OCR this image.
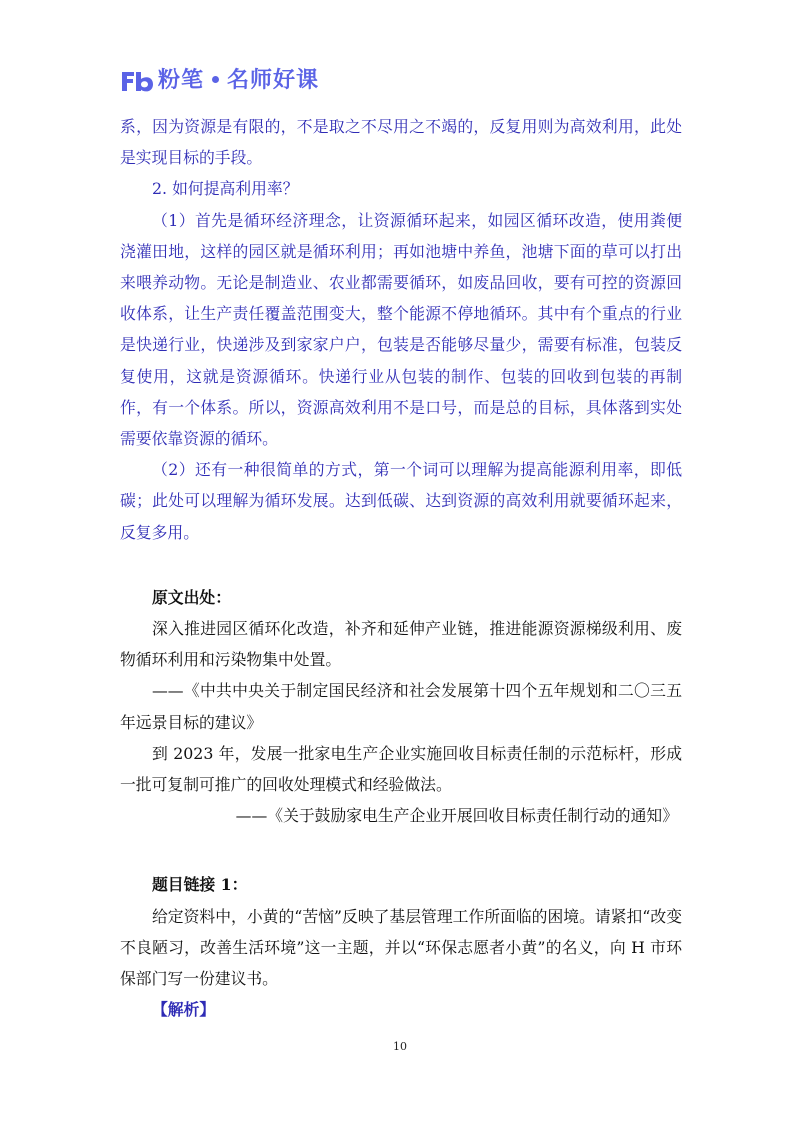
粉笔 名师好课

系，因为资源是有限的，不是取之不尽用之不竭的，反复用则为高效利用，此处是实现目标的手段。

2. 如何提高利用率？

（1）首先是循环经济理念，让资源循环起来，如园区循环改造，使用粪便浇灌田地，这样的园区就是循环利用；再如池塘中养鱼，池塘下面的草可以打出来喂养动物。无论是制造业、农业都需要循环，如废品回收，要有可控的资源回收体系，让生产责任覆盖范围变大，整个能源不停地循环。其中有个重点的行业是快递行业，快递涉及到家家户户，包装是否能够尽量少，需要有标准，包装反复使用，这就是资源循环。快递行业从包装的制作、包装的回收到包装的再制作，有一个体系。所以，资源高效利用不是口号，而是总的目标，具体落到实处需要依靠资源的循环。

（2）还有一种很简单的方式，第一个词可以理解为提高能源利用率，即低碳；此处可以理解为循环发展。达到低碳、达到资源的高效利用就要循环起来，反复多用。

原文出处：

深入推进园区循环化改造，补齐和延伸产业链，推进能源资源梯级利用、废物循环利用和污染物集中处置。

——《中共中央关于制定国民经济和社会发展第十四个五年规划和二〇三五年远景目标的建议》

到 2023 年，发展一批家电生产企业实施回收目标责任制的示范标杆，形成一批可复制可推广的回收处理模式和经验做法。

——《关于鼓励家电生产企业开展回收目标责任制行动的通知》

题目链接 1：

给定资料中，小黄的“苦恼”反映了基层管理工作所面临的困境。请紧扣“改变不良陋习，改善生活环境”这一主题，并以“环保志愿者小黄”的名义，向 H 市环保部门写一份建议书。

【解析】

10
